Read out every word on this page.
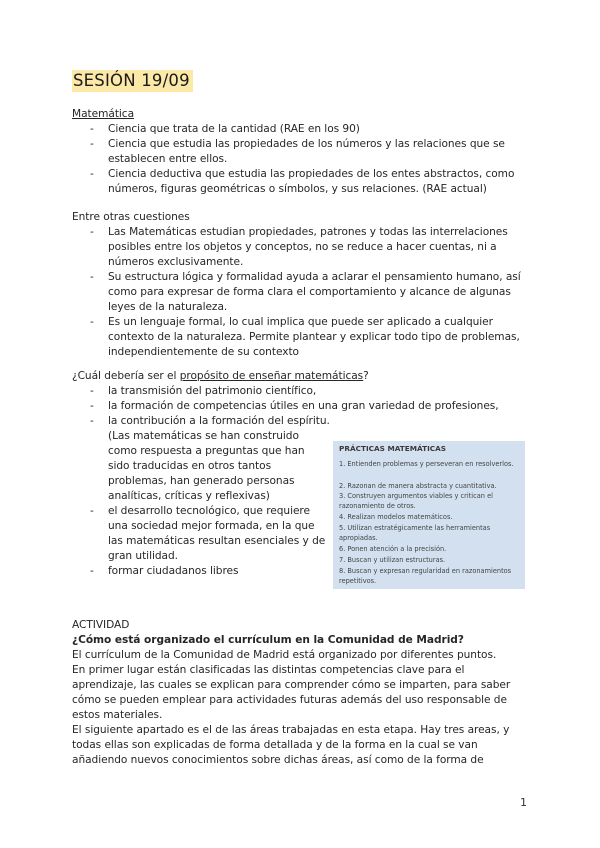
SESIÓN 19/09
Matemática
- Ciencia que trata de la cantidad (RAE en los 90)
- Ciencia que estudia las propiedades de los números y las relaciones que se
establecen entre ellos.
- Ciencia deductiva que estudia las propiedades de los entes abstractos, como
números, figuras geométricas o símbolos, y sus relaciones. (RAE actual)
Entre otras cuestiones
- Las Matemáticas estudian propiedades, patrones y todas las interrelaciones
posibles entre los objetos y conceptos, no se reduce a hacer cuentas, ni a
números exclusivamente.
- Su estructura lógica y formalidad ayuda a aclarar el pensamiento humano, así
como para expresar de forma clara el comportamiento y alcance de algunas
leyes de la naturaleza.
- Es un lenguaje formal, lo cual implica que puede ser aplicado a cualquier
contexto de la naturaleza. Permite plantear y explicar todo tipo de problemas,
independientemente de su contexto
¿Cuál debería ser el propósito de enseñar matemáticas?
- la transmisión del patrimonio científico,
- la formación de competencias útiles en una gran variedad de profesiones,
- la contribución a la formación del espíritu.
(Las matemáticas se han construido
como respuesta a preguntas que han
sido traducidas en otros tantos
problemas, han generado personas
analíticas, críticas y reflexivas)
- el desarrollo tecnológico, que requiere
una sociedad mejor formada, en la que
las matemáticas resultan esenciales y de
gran utilidad.
- formar ciudadanos libres
PRÁCTICAS MATEMÁTICAS
1. Entienden problemas y perseveran en resolverlos.
2. Razonan de manera abstracta y cuantitativa.
3. Construyen argumentos viables y critican el
razonamiento de otros.
4. Realizan modelos matemáticos.
5. Utilizan estratégicamente las herramientas
apropiadas.
6. Ponen atención a la precisión.
7. Buscan y utilizan estructuras.
8. Buscan y expresan regularidad en razonamientos
repetitivos.
ACTIVIDAD
¿Cómo está organizado el currículum en la Comunidad de Madrid?
El currículum de la Comunidad de Madrid está organizado por diferentes puntos.
En primer lugar están clasificadas las distintas competencias clave para el
aprendizaje, las cuales se explican para comprender cómo se imparten, para saber
cómo se pueden emplear para actividades futuras además del uso responsable de
estos materiales.
El siguiente apartado es el de las áreas trabajadas en esta etapa. Hay tres areas, y
todas ellas son explicadas de forma detallada y de la forma en la cual se van
añadiendo nuevos conocimientos sobre dichas áreas, así como de la forma de
1
